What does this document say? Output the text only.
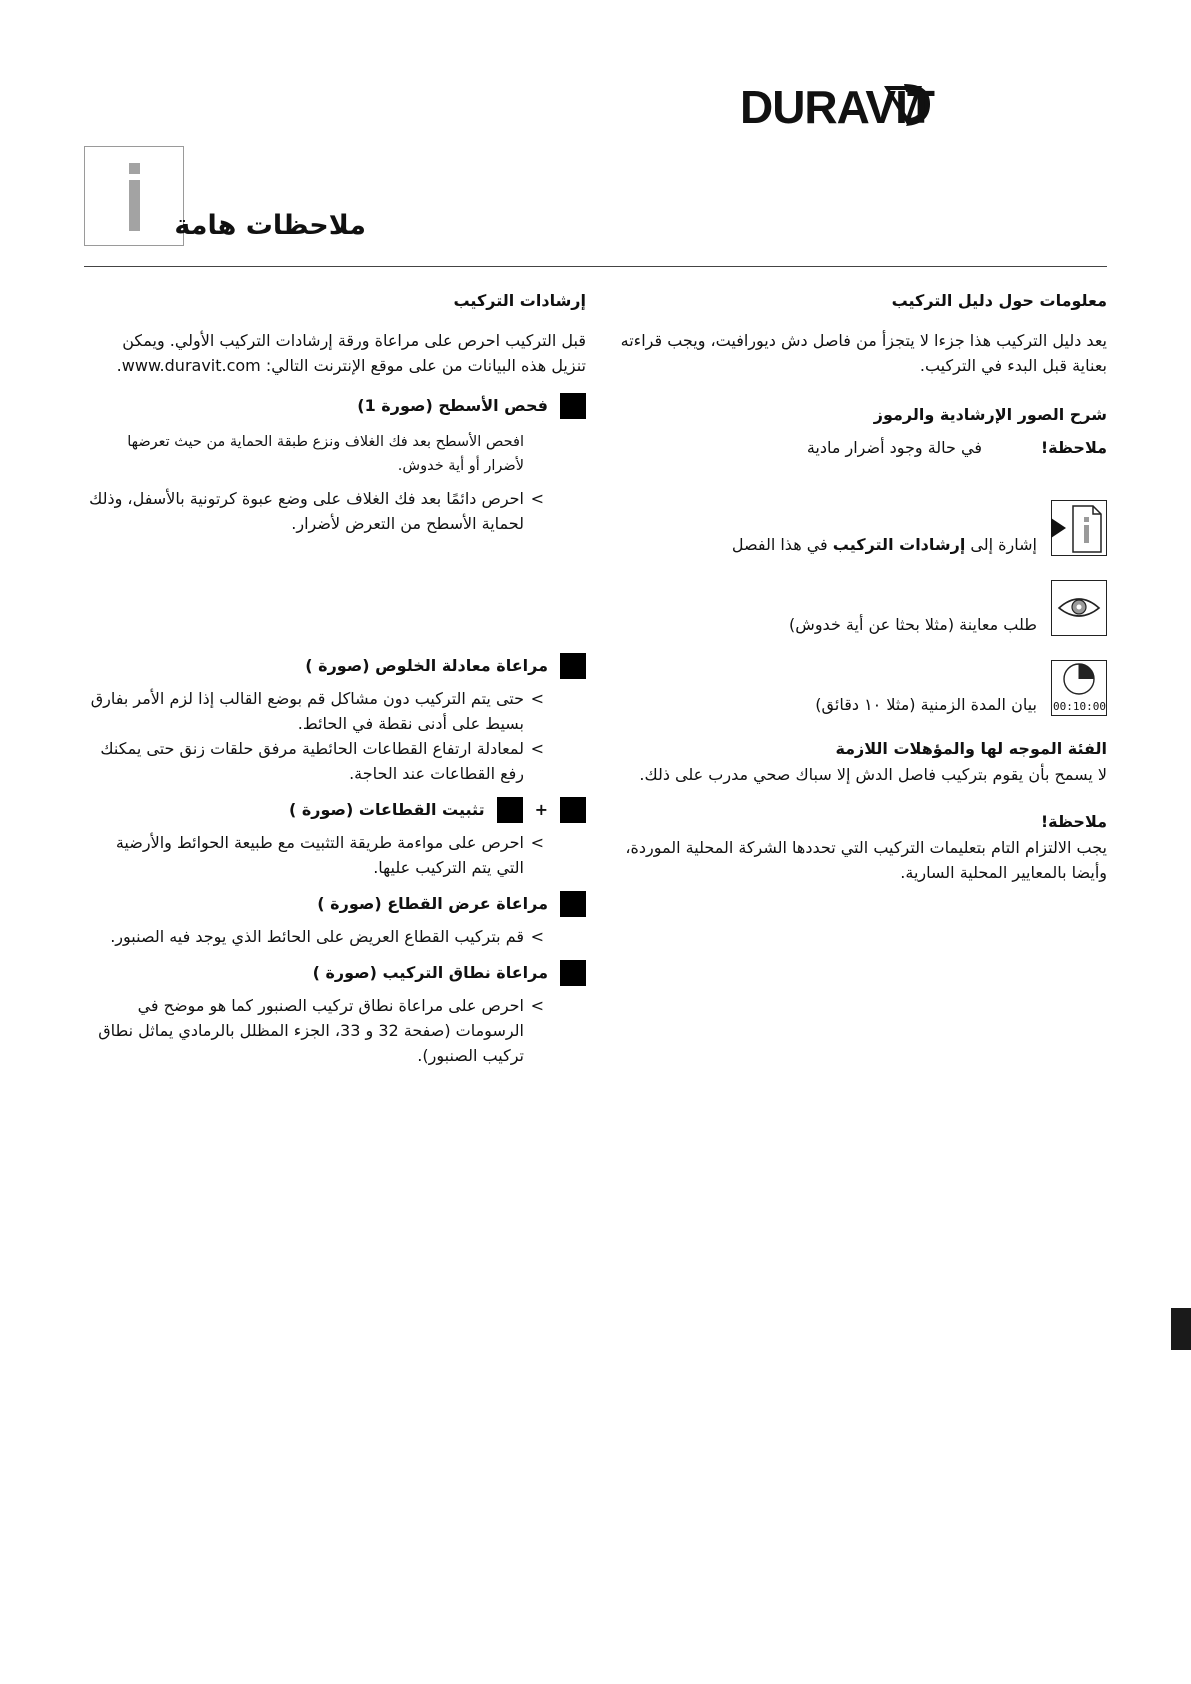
DURAVIT
ملاحظات هامة

معلومات حول دليل التركيب

يعد دليل التركيب هذا جزءا لا يتجزأ من فاصل دش ديورافيت، ويجب قراءته بعناية قبل البدء في التركيب.

شرح الصور الإرشادية والرموز

ملاحظة!
في حالة وجود أضرار مادية
إشارة إلى إرشادات التركيب في هذا الفصل
طلب معاينة (مثلا بحثا عن أية خدوش)
00:10:00
بيان المدة الزمنية (مثلا ١٠ دقائق)

الفئة الموجه لها والمؤهلات اللازمة

لا يسمح بأن يقوم بتركيب فاصل الدش إلا سباك صحي مدرب على ذلك.

ملاحظة!

يجب الالتزام التام بتعليمات التركيب التي تحددها الشركة المحلية الموردة، وأيضا بالمعايير المحلية السارية.

إرشادات التركيب

قبل التركيب احرص على مراعاة ورقة إرشادات التركيب الأولي. ويمكن تنزيل هذه البيانات من على موقع الإنترنت التالي: www.duravit.com.

فحص الأسطح (صورة 1)

افحص الأسطح بعد فك الغلاف ونزع طبقة الحماية من حيث تعرضها لأضرار أو أية خدوش.

>
احرص دائمًا بعد فك الغلاف على وضع عبوة كرتونية بالأسفل، وذلك لحماية الأسطح من التعرض لأضرار.
مراعاة معادلة الخلوص (صورة )
>
حتى يتم التركيب دون مشاكل قم بوضع القالب إذا لزم الأمر بفارق بسيط على أدنى نقطة في الحائط.
>
لمعادلة ارتفاع القطاعات الحائطية مرفق حلقات زنق حتى يمكنك رفع القطاعات عند الحاجة.
+
تثبيت القطاعات (صورة )
>
احرص على مواءمة طريقة التثبيت مع طبيعة الحوائط والأرضية التي يتم التركيب عليها.
مراعاة عرض القطاع (صورة )
>
قم بتركيب القطاع العريض على الحائط الذي يوجد فيه الصنبور.
مراعاة نطاق التركيب (صورة )
>
احرص على مراعاة نطاق تركيب الصنبور كما هو موضح في الرسومات (صفحة 32 و 33، الجزء المظلل بالرمادي يماثل نطاق تركيب الصنبور).
